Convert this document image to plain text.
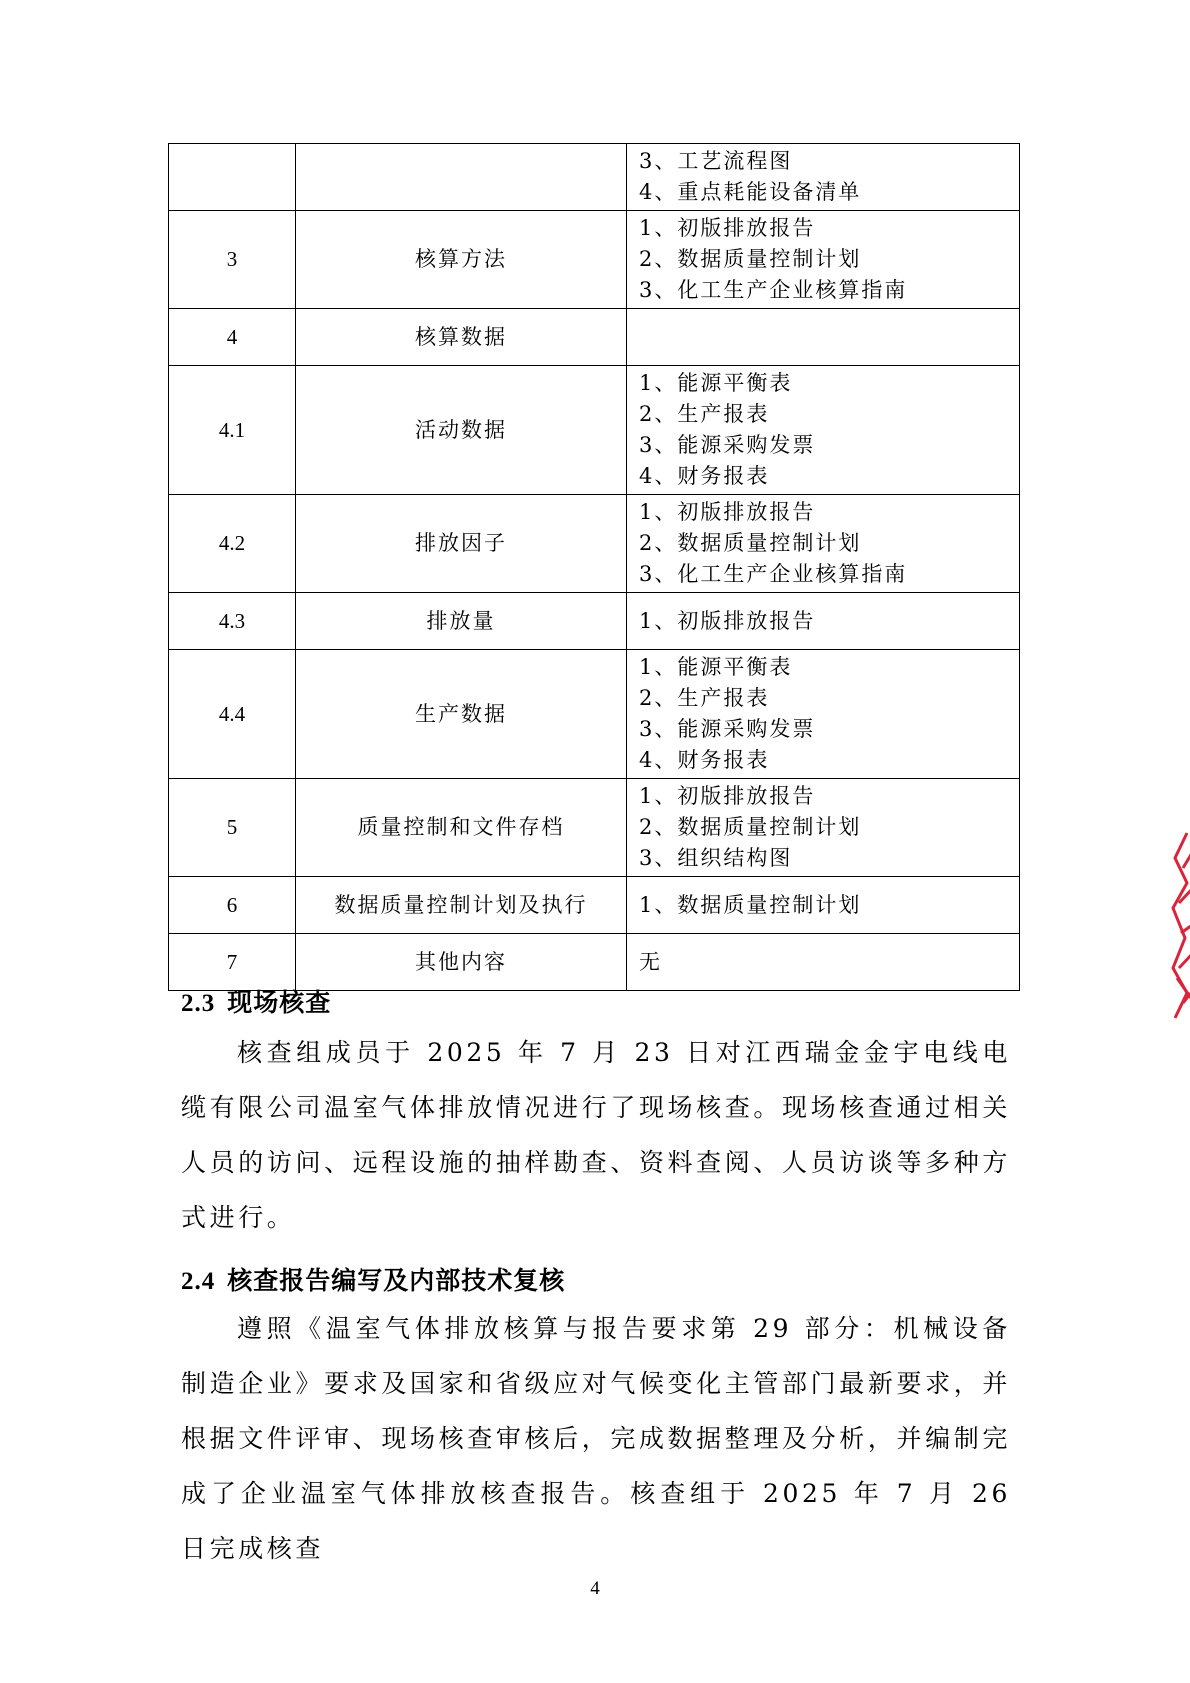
		3、工艺流程图
4、重点耗能设备清单

3	核算方法	1、初版排放报告
2、数据质量控制计划
3、化工生产企业核算指南

4	核算数据	
4.1	活动数据	1、能源平衡表
2、生产报表
3、能源采购发票
4、财务报表

4.2	排放因子	1、初版排放报告
2、数据质量控制计划
3、化工生产企业核算指南

4.3	排放量	1、初版排放报告

4.4	生产数据	1、能源平衡表
2、生产报表
3、能源采购发票
4、财务报表

5	质量控制和文件存档	1、初版排放报告
2、数据质量控制计划
3、组织结构图

6	数据质量控制计划及执行	1、数据质量控制计划

7	其他内容	无
2.3 现场核查

核查组成员于 2025 年 7 月 23 日对江西瑞金金宇电线电缆有限公司温室气体排放情况进行了现场核查。现场核查通过相关人员的访问、远程设施的抽样勘查、资料查阅、人员访谈等多种方式进行。

2.4 核查报告编写及内部技术复核

遵照《温室气体排放核算与报告要求第 29 部分：机械设备制造企业》要求及国家和省级应对气候变化主管部门最新要求，并根据文件评审、现场核查审核后，完成数据整理及分析，并编制完成了企业温室气体排放核查报告。核查组于 2025 年 7 月 26 日完成核查

4
